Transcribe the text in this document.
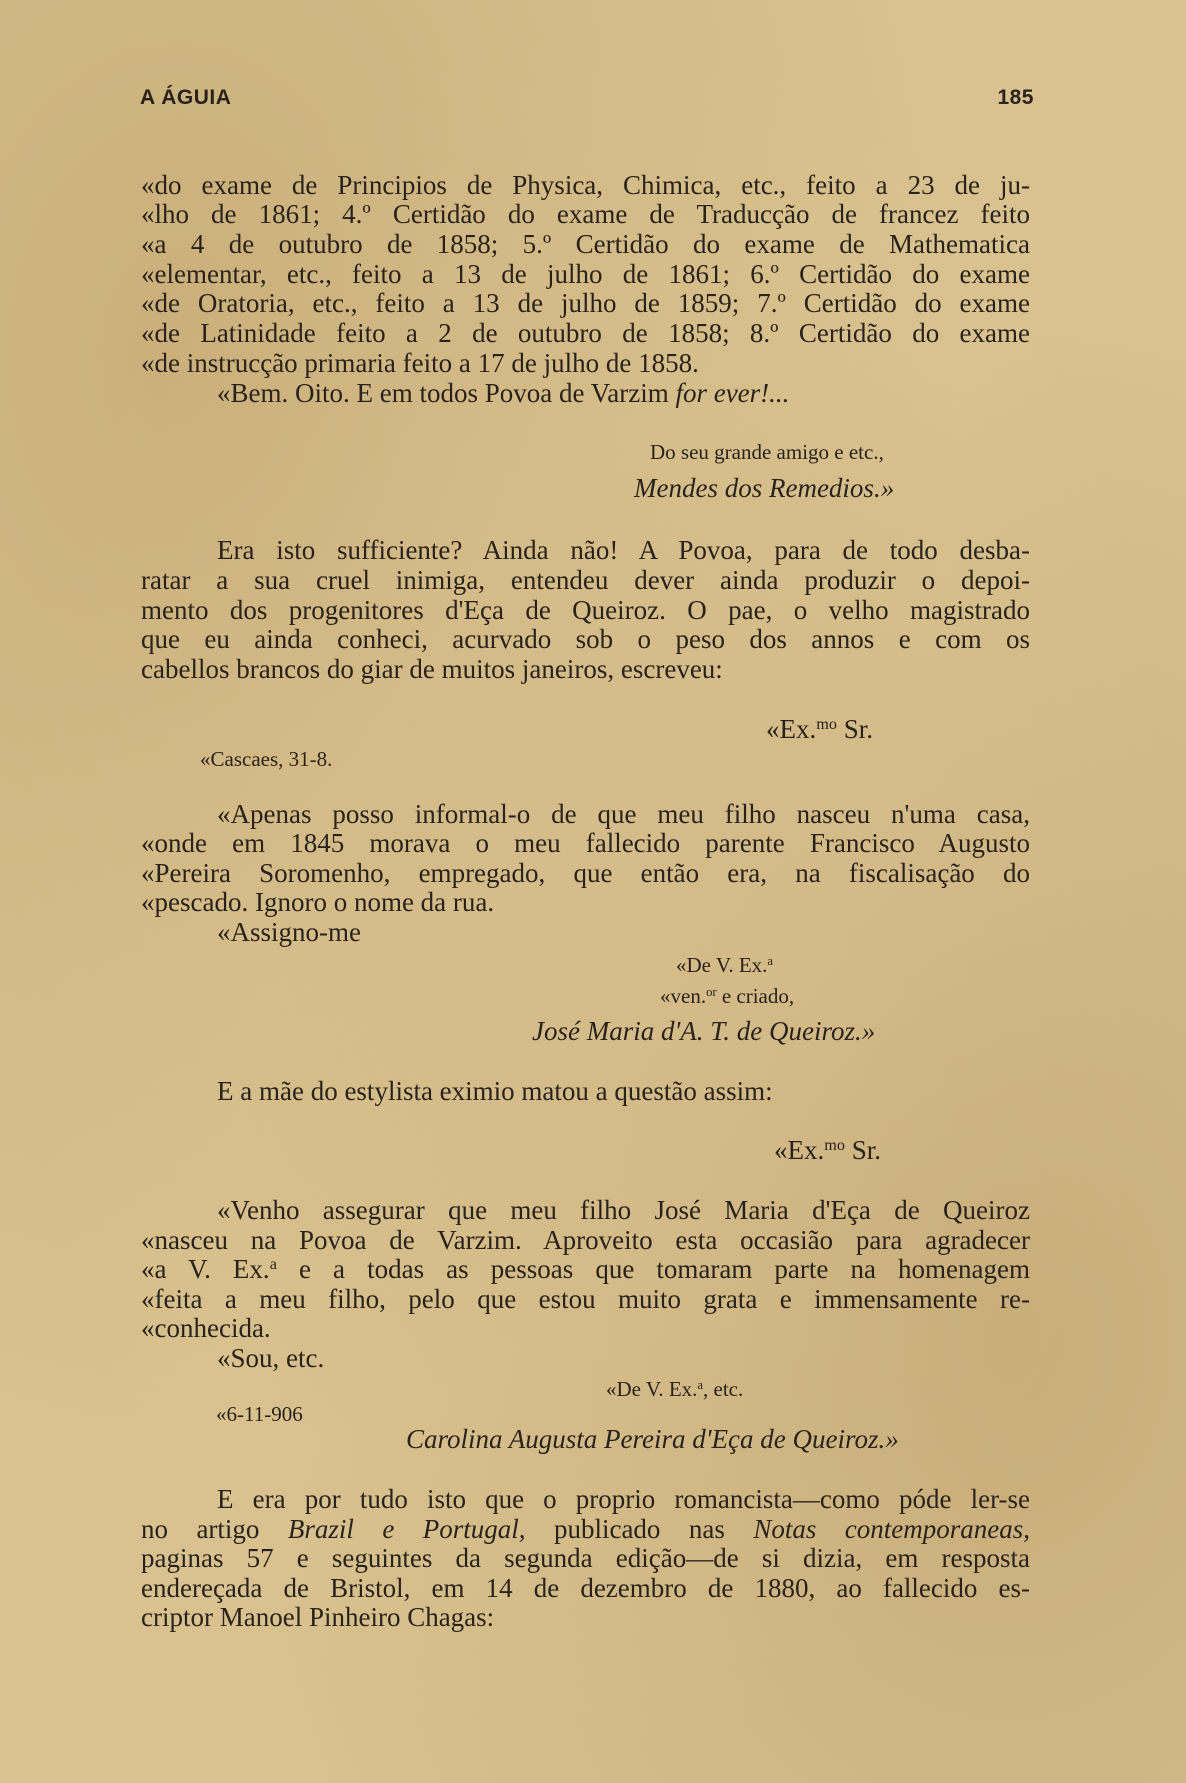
A ÁGUIA	185
«do exame de Principios de Physica, Chimica, etc., feito a 23 de ju-
«lho de 1861; 4.º Certidão do exame de Traducção de francez feito
«a 4 de outubro de 1858; 5.º Certidão do exame de Mathematica
«elementar, etc., feito a 13 de julho de 1861; 6.º Certidão do exame
«de Oratoria, etc., feito a 13 de julho de 1859; 7.º Certidão do exame
«de Latinidade feito a 2 de outubro de 1858; 8.º Certidão do exame
«de instrucção primaria feito a 17 de julho de 1858.
«Bem. Oito. E em todos Povoa de Varzim for ever!...
Do seu grande amigo e etc.,
Mendes dos Remedios.»
Era isto sufficiente? Ainda não! A Povoa, para de todo desba-
ratar a sua cruel inimiga, entendeu dever ainda produzir o depoi-
mento dos progenitores d'Eça de Queiroz. O pae, o velho magistrado
que eu ainda conheci, acurvado sob o peso dos annos e com os
cabellos brancos do giar de muitos janeiros, escreveu:
«Ex.$^{mo}$ Sr.
«Cascaes, 31-8.
«Apenas posso informal-o de que meu filho nasceu n'uma casa,
«onde em 1845 morava o meu fallecido parente Francisco Augusto
«Pereira Soromenho, empregado, que então era, na fiscalisação do
«pescado. Ignoro o nome da rua.
«Assigno-me
«De V. Ex.$^a$
«ven.$^{or}$ e criado,
José Maria d'A. T. de Queiroz.»
E a mãe do estylista eximio matou a questão assim:
«Ex.$^{mo}$ Sr.
«Venho assegurar que meu filho José Maria d'Eça de Queiroz
«nasceu na Povoa de Varzim. Aproveito esta occasião para agradecer
«a V. Ex.$^a$ e a todas as pessoas que tomaram parte na homenagem
«feita a meu filho, pelo que estou muito grata e immensamente re-
«conhecida.
«Sou, etc.
«De V. Ex.$^a$, etc.
«6-11-906
Carolina Augusta Pereira d'Eça de Queiroz.»
E era por tudo isto que o proprio romancista—como póde ler-se
no artigo Brazil e Portugal, publicado nas Notas contemporaneas,
paginas 57 e seguintes da segunda edição—de si dizia, em resposta
endereçada de Bristol, em 14 de dezembro de 1880, ao fallecido es-
criptor Manoel Pinheiro Chagas:
